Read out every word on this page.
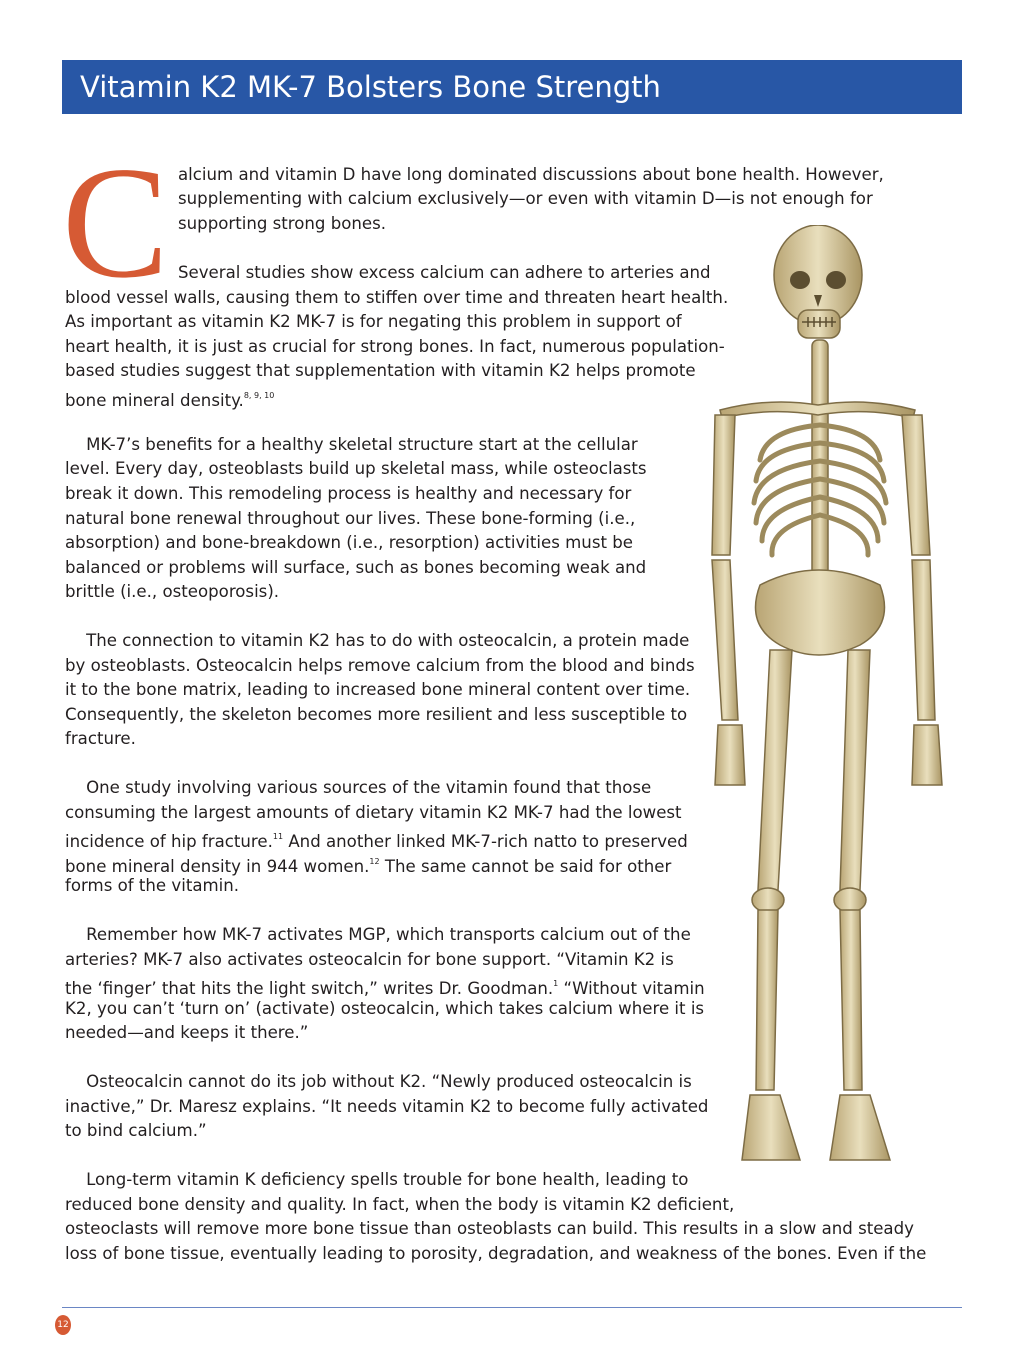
Vitamin K2 MK-7 Bolsters Bone Strength
C alcium and vitamin D have long dominated discussions about bone health. However,

supplementing with calcium exclusively—or even with vitamin D—is not enough for

supporting strong bones.

Several studies show excess calcium can adhere to arteries and

blood vessel walls, causing them to stiffen over time and threaten heart health.

As important as vitamin K2 MK-7 is for negating this problem in support of

heart health, it is just as crucial for strong bones. In fact, numerous population-

based studies suggest that supplementation with vitamin K2 helps promote

bone mineral density.$^{8, 9, 10}$

MK-7’s benefits for a healthy skeletal structure start at the cellular

level. Every day, osteoblasts build up skeletal mass, while osteoclasts

break it down. This remodeling process is healthy and necessary for

natural bone renewal throughout our lives. These bone-forming (i.e.,

absorption) and bone-breakdown (i.e., resorption) activities must be

balanced or problems will surface, such as bones becoming weak and

brittle (i.e., osteoporosis).

The connection to vitamin K2 has to do with osteocalcin, a protein made

by osteoblasts. Osteocalcin helps remove calcium from the blood and binds

it to the bone matrix, leading to increased bone mineral content over time.

Consequently, the skeleton becomes more resilient and less susceptible to

fracture.

One study involving various sources of the vitamin found that those

consuming the largest amounts of dietary vitamin K2 MK-7 had the lowest

incidence of hip fracture.$^{11}$ And another linked MK-7-rich natto to preserved

bone mineral density in 944 women.$^{12}$ The same cannot be said for other

forms of the vitamin.

Remember how MK-7 activates MGP, which transports calcium out of the

arteries? MK-7 also activates osteocalcin for bone support. “Vitamin K2 is

the ‘finger’ that hits the light switch,” writes Dr. Goodman.$^1$ “Without vitamin

K2, you can’t ‘turn on’ (activate) osteocalcin, which takes calcium where it is

needed—and keeps it there.”

Osteocalcin cannot do its job without K2. “Newly produced osteocalcin is

inactive,” Dr. Maresz explains. “It needs vitamin K2 to become fully activated

to bind calcium.”

Long-term vitamin K deficiency spells trouble for bone health, leading to

reduced bone density and quality. In fact, when the body is vitamin K2 deficient,

osteoclasts will remove more bone tissue than osteoblasts can build. This results in a slow and steady

loss of bone tissue, eventually leading to porosity, degradation, and weakness of the bones. Even if the

12
